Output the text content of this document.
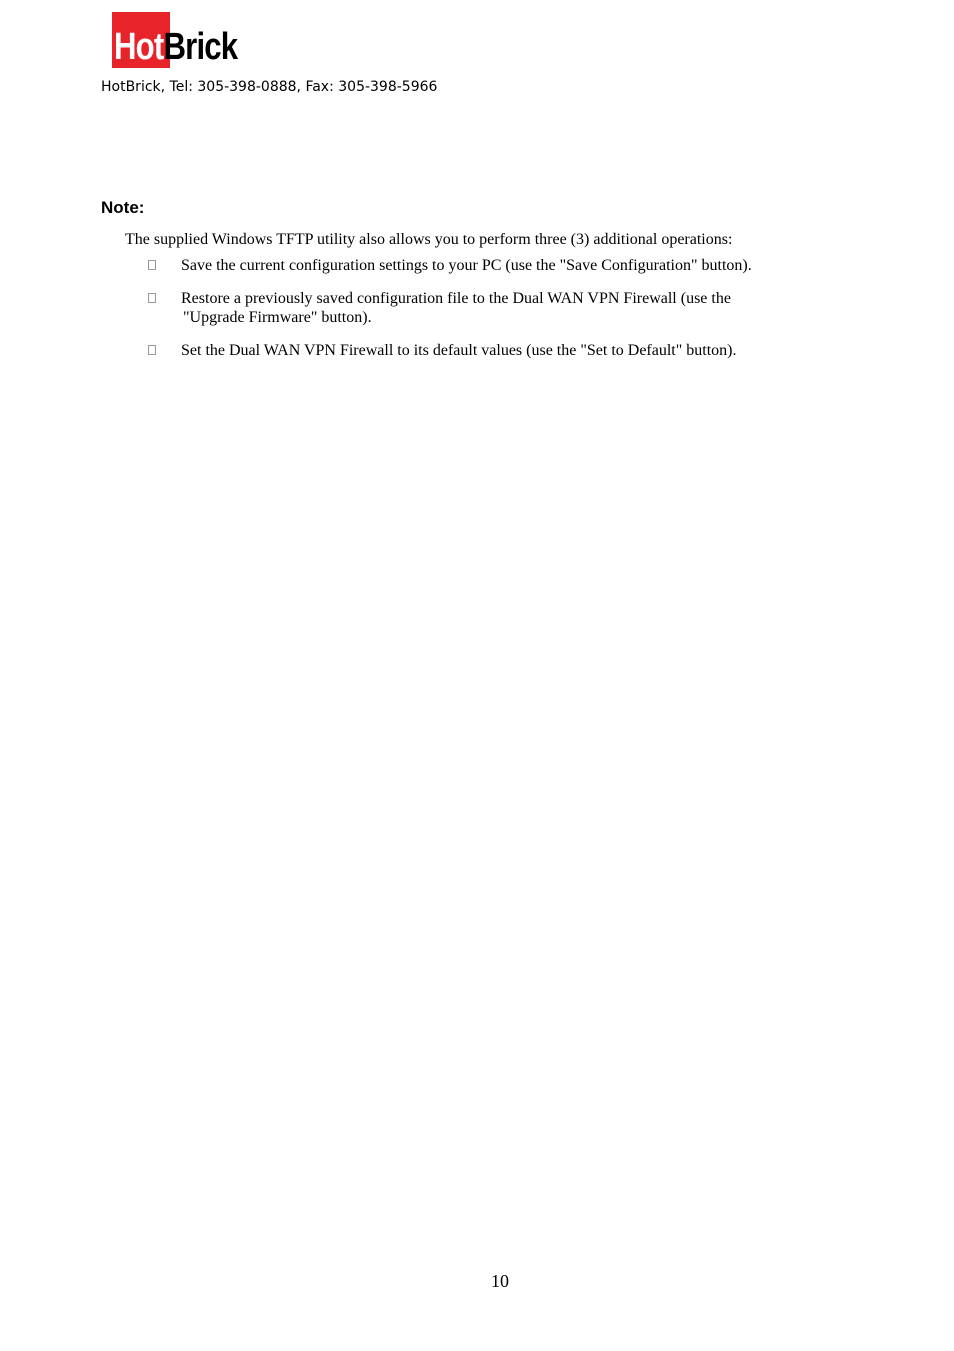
HotBrick
HotBrick, Tel: 305-398-0888, Fax: 305-398-5966
Note:
The supplied Windows TFTP utility also allows you to perform three (3) additional operations:
Save the current configuration settings to your PC (use the "Save Configuration" button).
Restore a previously saved configuration file to the Dual WAN VPN Firewall (use the
"Upgrade Firmware" button).
Set the Dual WAN VPN Firewall to its default values (use the "Set to Default" button).
10
